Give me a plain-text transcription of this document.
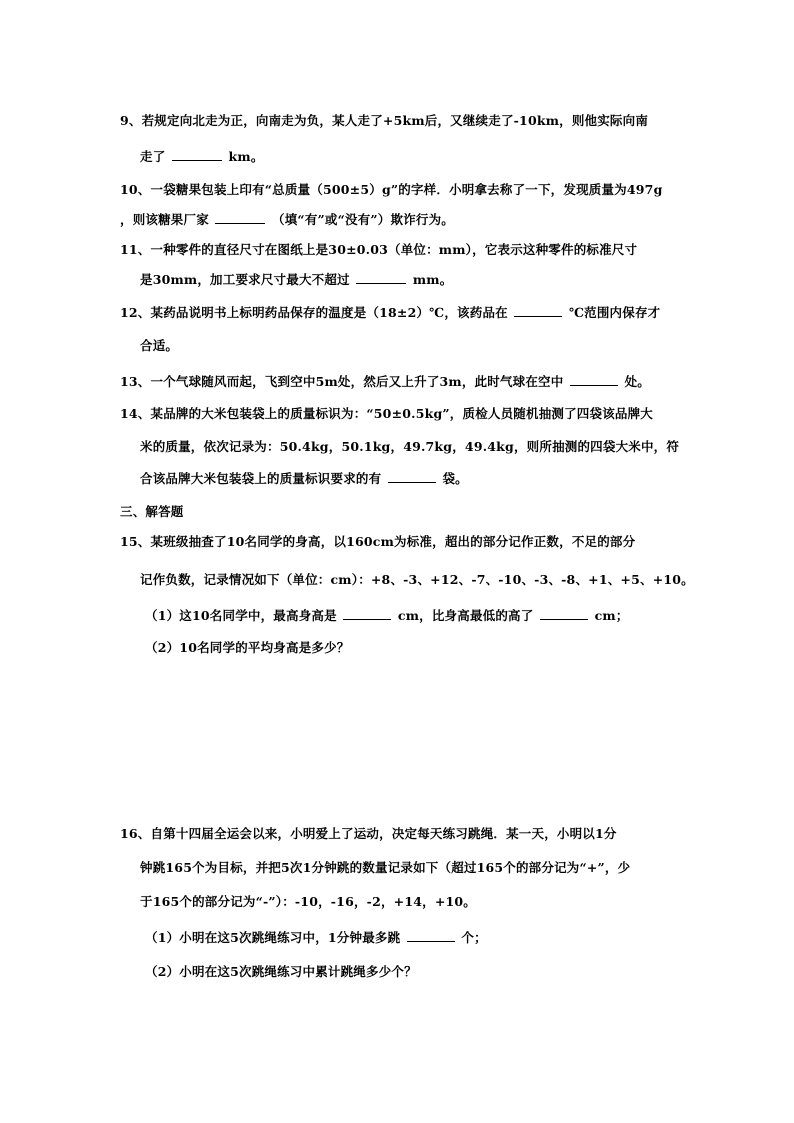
9、若规定向北走为正，向南走为负，某人走了+5km后，又继续走了-10km，则他实际向南
走了	km。
10、一袋糖果包装上印有“总质量（500±5）g”的字样．小明拿去称了一下，发现质量为497g
，则该糖果厂家	（填“有”或“没有”）欺诈行为。
11、一种零件的直径尺寸在图纸上是30±0.03（单位：mm），它表示这种零件的标准尺寸
是30mm，加工要求尺寸最大不超过	mm。
12、某药品说明书上标明药品保存的温度是（18±2）℃，该药品在	℃范围内保存才
合适。
13、一个气球随风而起，飞到空中5m处，然后又上升了3m，此时气球在空中	处。
14、某品牌的大米包装袋上的质量标识为：“50±0.5kg”，质检人员随机抽测了四袋该品牌大
米的质量，依次记录为：50.4kg，50.1kg，49.7kg，49.4kg，则所抽测的四袋大米中，符
合该品牌大米包装袋上的质量标识要求的有	袋。
三、解答题
15、某班级抽查了10名同学的身高，以160cm为标准，超出的部分记作正数，不足的部分
记作负数，记录情况如下（单位：cm）：+8、-3、+12、-7、-10、-3、-8、+1、+5、+10。
（1）这10名同学中，最高身高是	cm，比身高最低的高了	cm；
（2）10名同学的平均身高是多少？
16、自第十四届全运会以来，小明爱上了运动，决定每天练习跳绳．某一天，小明以1分
钟跳165个为目标，并把5次1分钟跳的数量记录如下（超过165个的部分记为“+”，少
于165个的部分记为“-”）：-10，-16，-2，+14，+10。
（1）小明在这5次跳绳练习中，1分钟最多跳	个；
（2）小明在这5次跳绳练习中累计跳绳多少个？
